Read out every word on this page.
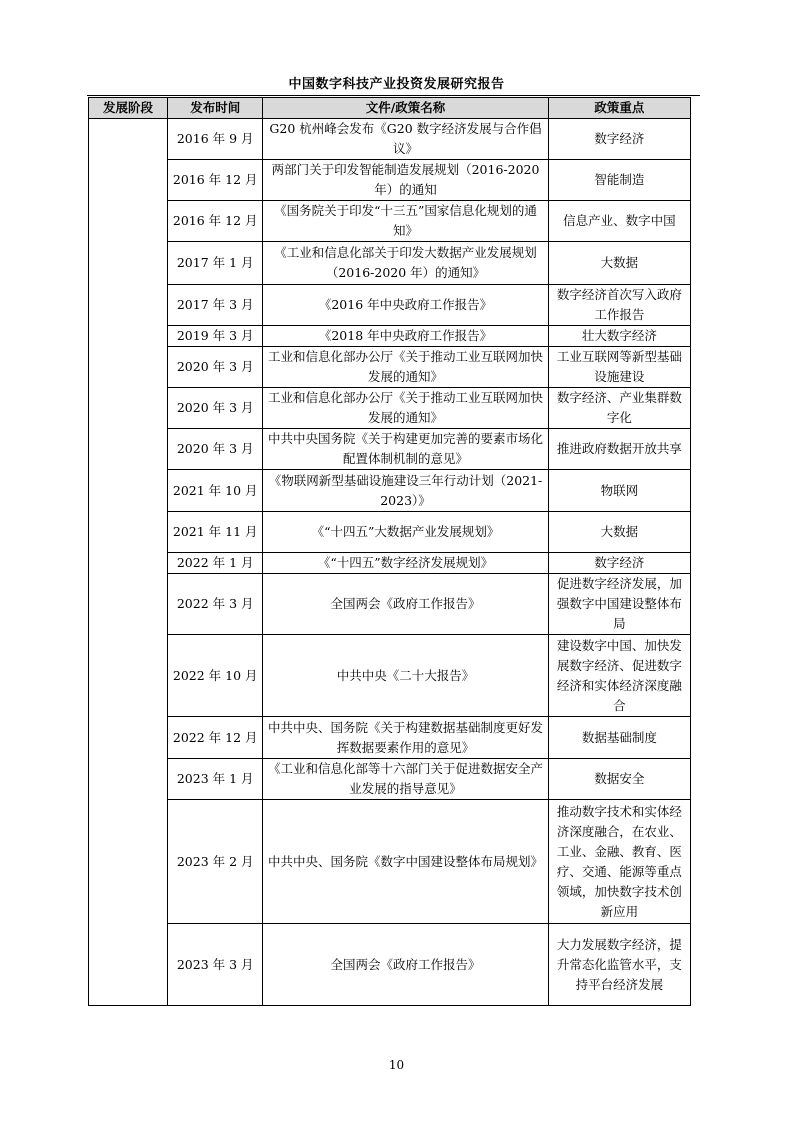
中国数字科技产业投资发展研究报告
发展阶段	发布时间	文件/政策名称	政策重点
	2016 年 9 月	G20 杭州峰会发布《G20 数字经济发展与合作倡议》	数字经济
	2016 年 12 月	两部门关于印发智能制造发展规划（2016-2020 年）的通知	智能制造
	2016 年 12 月	《国务院关于印发“十三五”国家信息化规划的通知》	信息产业、数字中国
	2017 年 1 月	《工业和信息化部关于印发大数据产业发展规划（2016-2020 年）的通知》	大数据
	2017 年 3 月	《2016 年中央政府工作报告》	数字经济首次写入政府工作报告
	2019 年 3 月	《2018 年中央政府工作报告》	壮大数字经济
	2020 年 3 月	工业和信息化部办公厅《关于推动工业互联网加快发展的通知》	工业互联网等新型基础设施建设
	2020 年 3 月	工业和信息化部办公厅《关于推动工业互联网加快发展的通知》	数字经济、产业集群数字化
	2020 年 3 月	中共中央国务院《关于构建更加完善的要素市场化配置体制机制的意见》	推进政府数据开放共享
	2021 年 10 月	《物联网新型基础设施建设三年行动计划（2021-2023）》	物联网
	2021 年 11 月	《“十四五”大数据产业发展规划》	大数据
	2022 年 1 月	《“十四五”数字经济发展规划》	数字经济
	2022 年 3 月	全国两会《政府工作报告》	促进数字经济发展，加强数字中国建设整体布局
	2022 年 10 月	中共中央《二十大报告》	建设数字中国、加快发展数字经济、促进数字经济和实体经济深度融合
	2022 年 12 月	中共中央、国务院《关于构建数据基础制度更好发挥数据要素作用的意见》	数据基础制度
	2023 年 1 月	《工业和信息化部等十六部门关于促进数据安全产业发展的指导意见》	数据安全
	2023 年 2 月	中共中央、国务院《数字中国建设整体布局规划》	推动数字技术和实体经济深度融合，在农业、工业、金融、教育、医疗、交通、能源等重点领域，加快数字技术创新应用
	2023 年 3 月	全国两会《政府工作报告》	大力发展数字经济，提升常态化监管水平，支持平台经济发展
10
